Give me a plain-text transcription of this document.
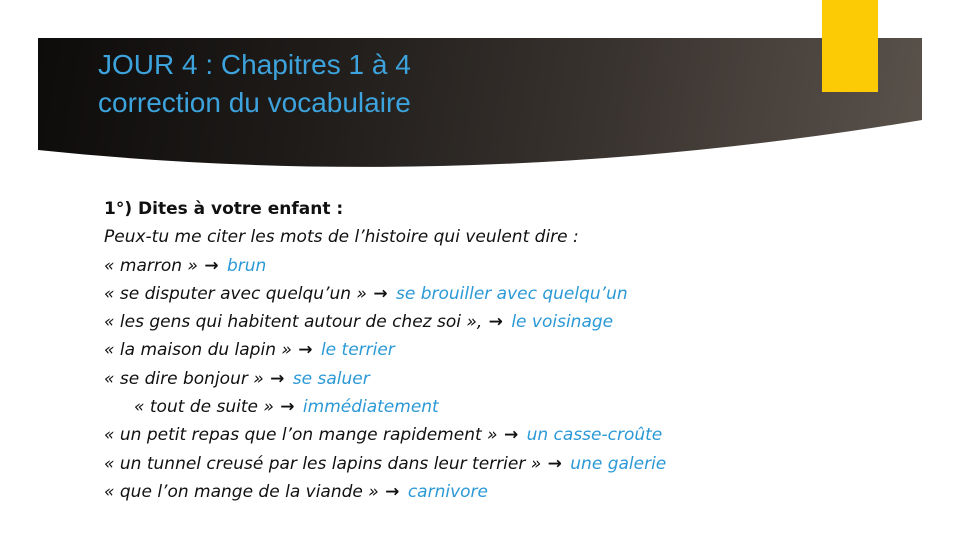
JOUR 4 : Chapitres 1 à 4
correction du vocabulaire
1°) Dites à votre enfant :
Peux-tu me citer les mots de l’histoire qui veulent dire :
« marron » → brun
« se disputer avec quelqu’un » → se brouiller avec quelqu’un
« les gens qui habitent autour de chez soi », → le voisinage
« la maison du lapin » → le terrier
« se dire bonjour » → se saluer
« tout de suite » → immédiatement
« un petit repas que l’on mange rapidement » → un casse-croûte
« un tunnel creusé par les lapins dans leur terrier » → une galerie
« que l’on mange de la viande » → carnivore
